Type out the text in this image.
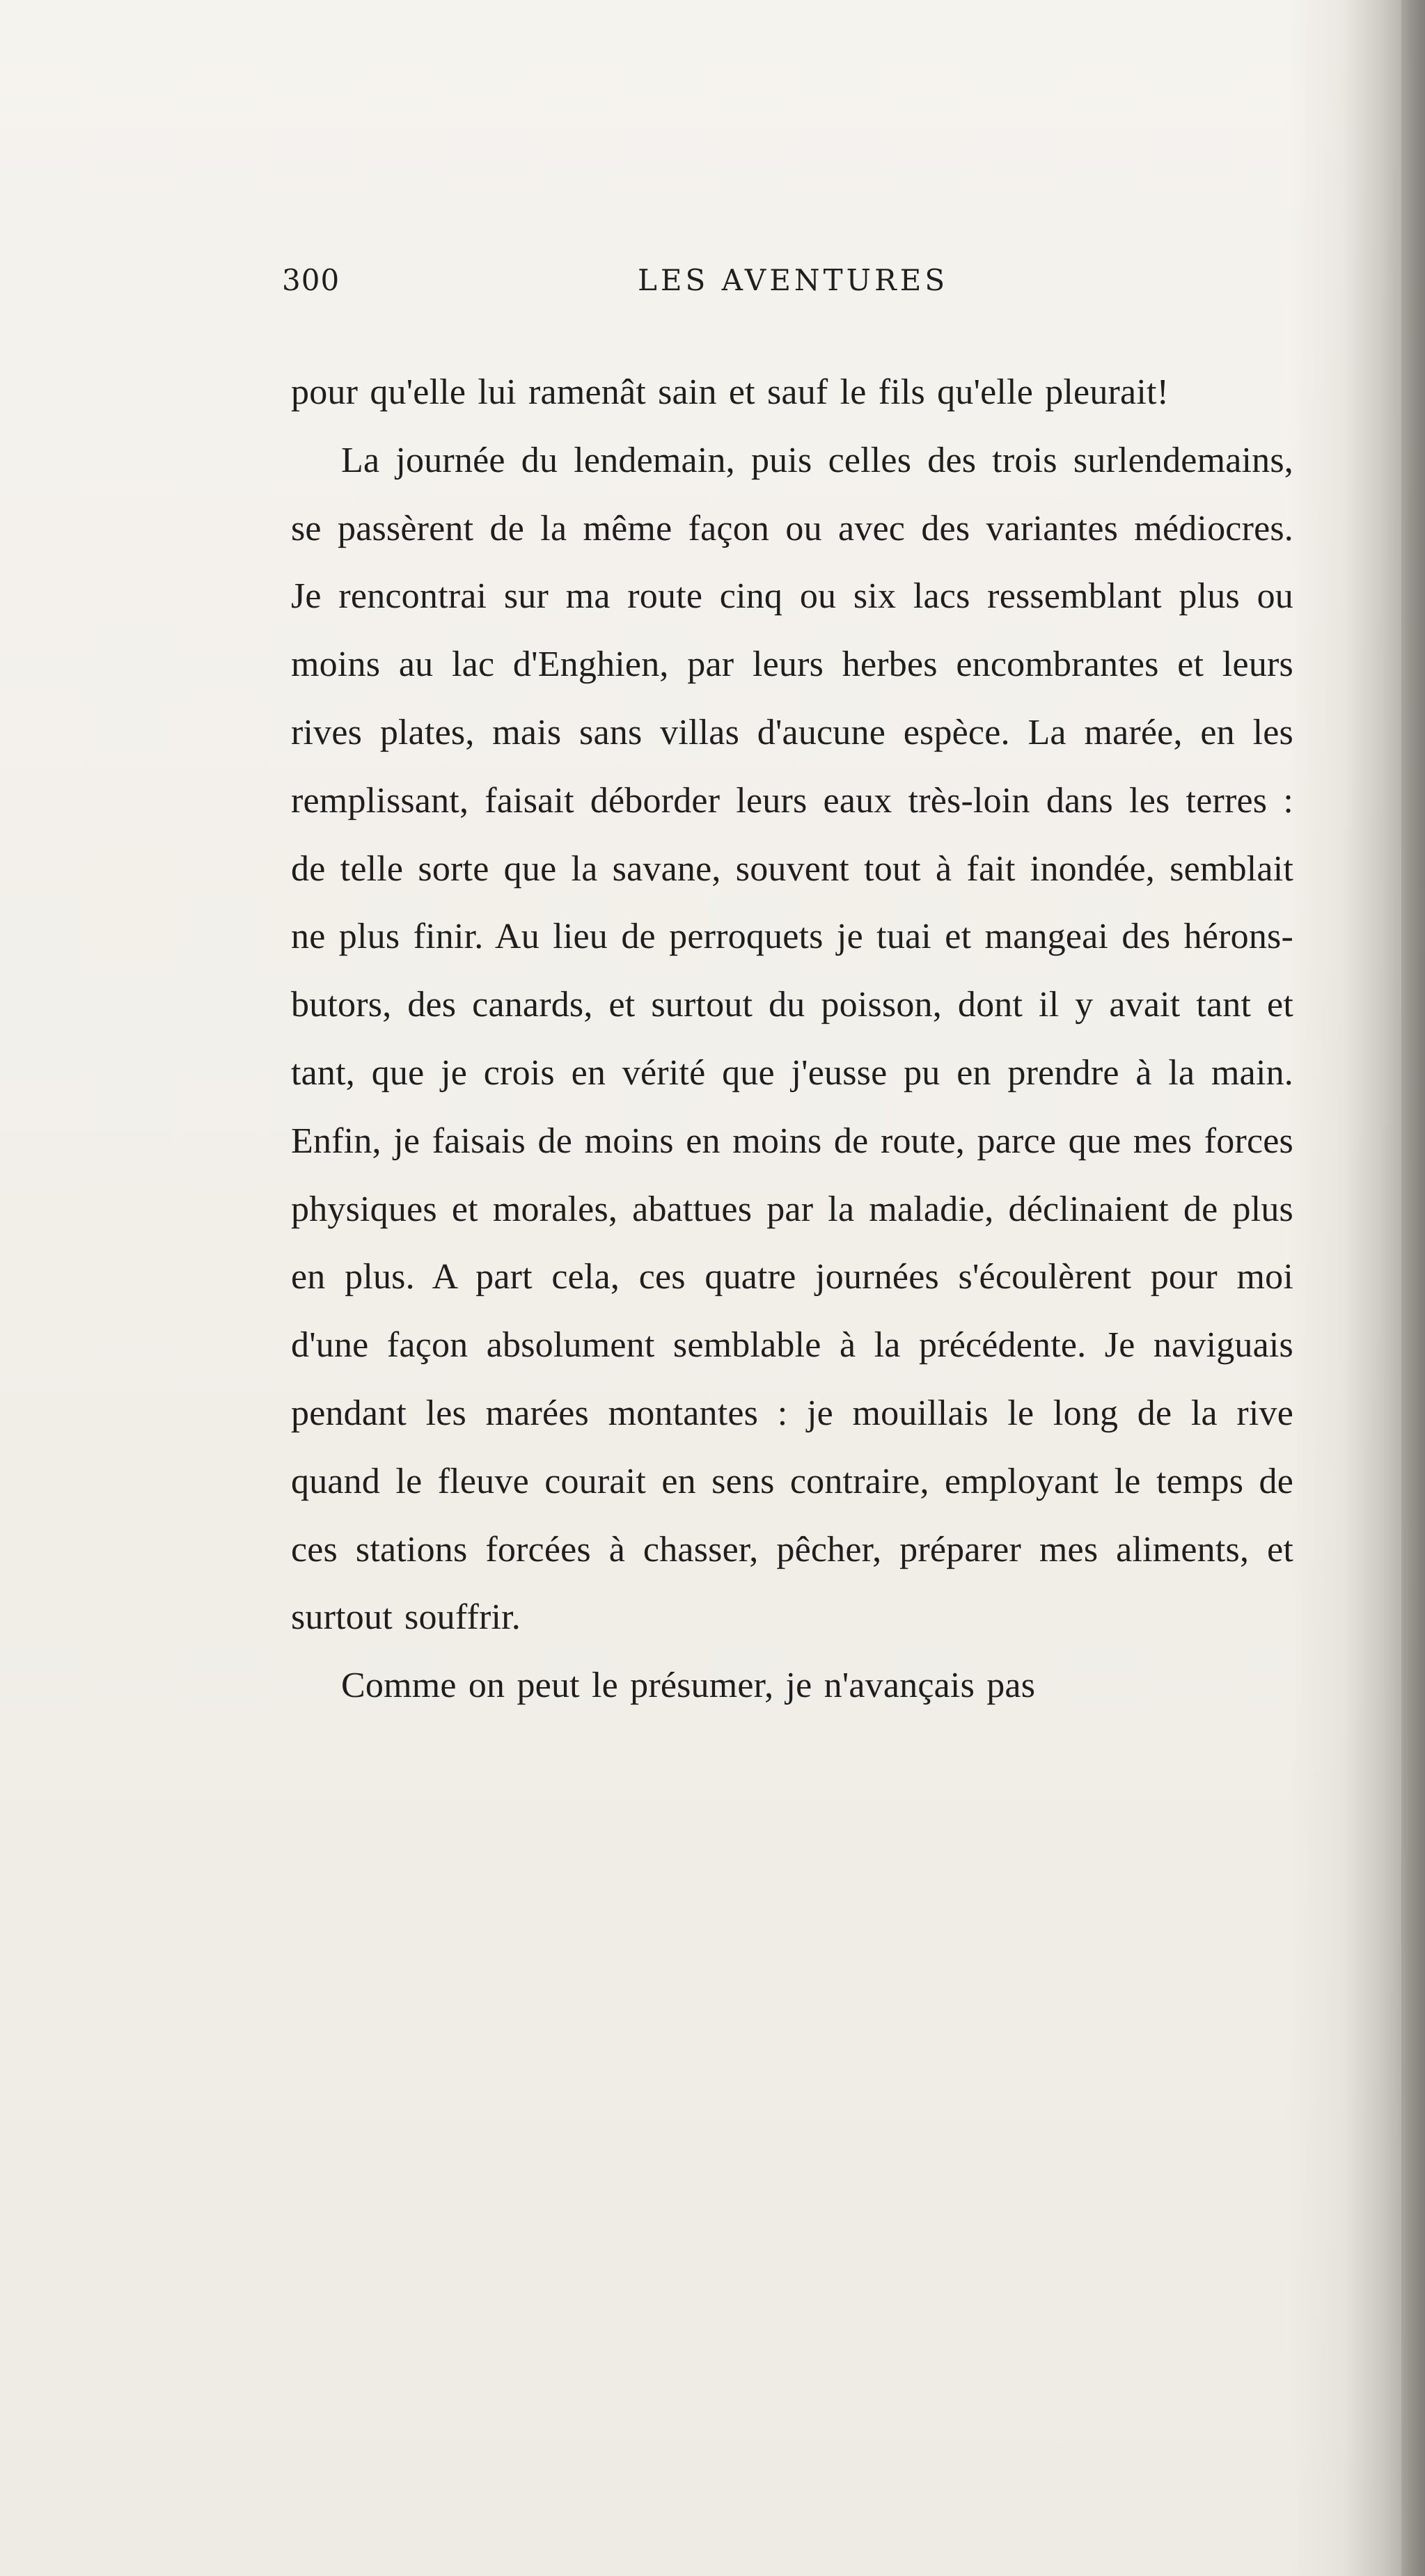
300	LES AVENTURES

pour qu'elle lui ramenât sain et sauf le fils qu'elle pleurait!

La journée du lendemain, puis celles des trois surlendemains, se passèrent de la même façon ou avec des variantes médiocres. Je rencontrai sur ma route cinq ou six lacs ressemblant plus ou moins au lac d'Enghien, par leurs herbes encombrantes et leurs rives plates, mais sans villas d'aucune espèce. La marée, en les remplissant, faisait déborder leurs eaux très-loin dans les terres : de telle sorte que la savane, souvent tout à fait inondée, semblait ne plus finir. Au lieu de perroquets je tuai et mangeai des hérons-butors, des canards, et surtout du poisson, dont il y avait tant et tant, que je crois en vérité que j'eusse pu en prendre à la main. Enfin, je faisais de moins en moins de route, parce que mes forces physiques et morales, abattues par la maladie, déclinaient de plus en plus. A part cela, ces quatre journées s'écoulèrent pour moi d'une façon absolument semblable à la précédente. Je naviguais pendant les marées montantes : je mouillais le long de la rive quand le fleuve courait en sens contraire, employant le temps de ces stations forcées à chasser, pêcher, préparer mes aliments, et surtout souffrir.

Comme on peut le présumer, je n'avançais pas
